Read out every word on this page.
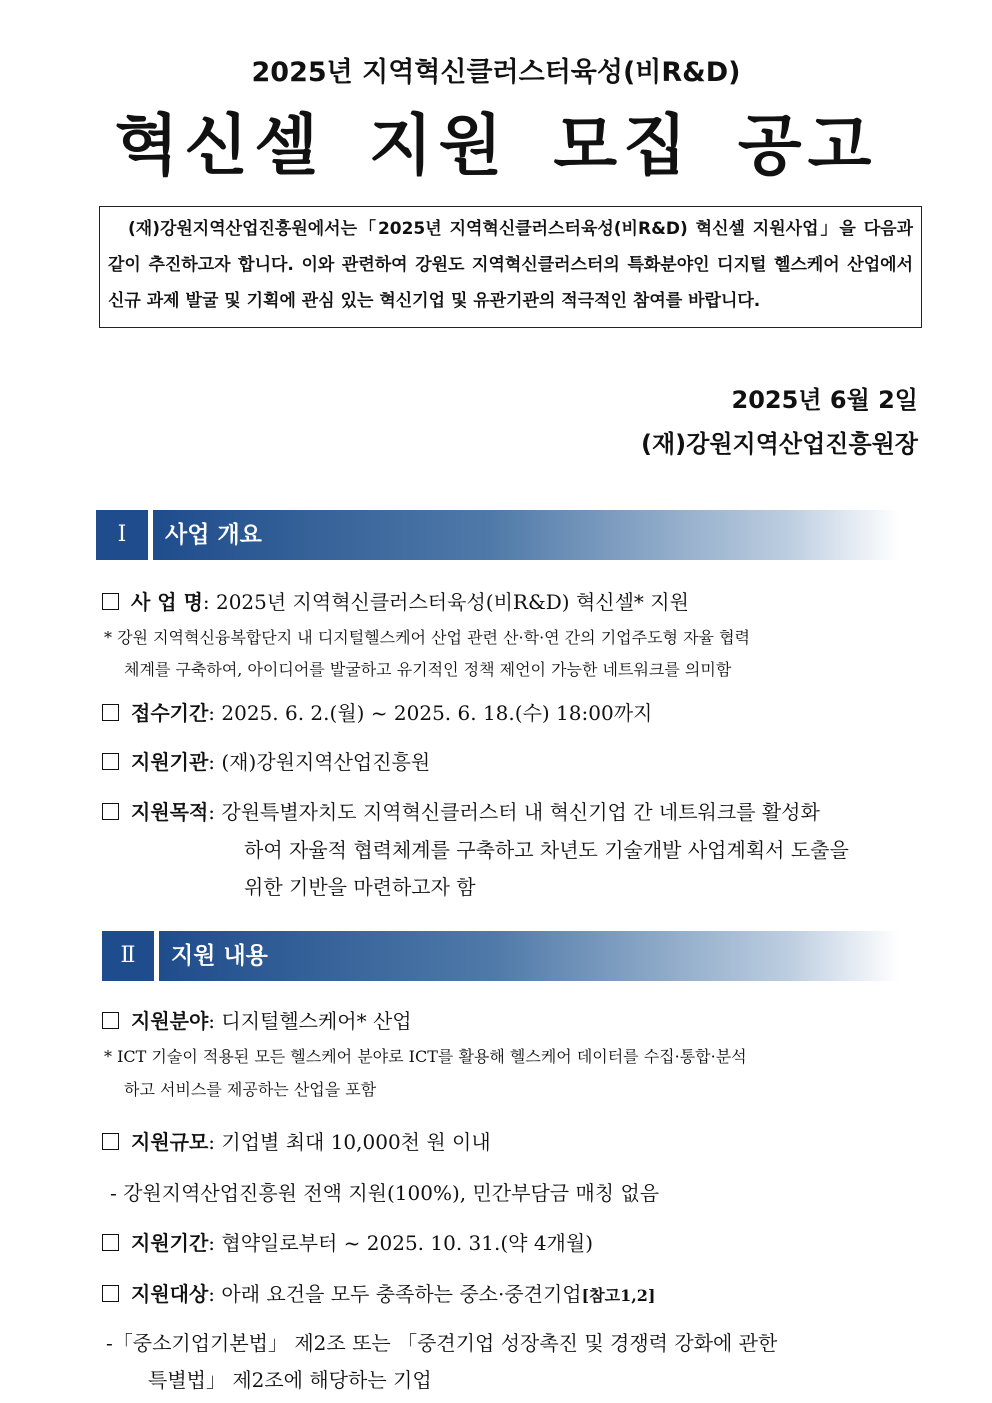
2025년 지역혁신클러스터육성(비R&D)
혁신셀 지원 모집 공고
(재)강원지역산업진흥원에서는「2025년 지역혁신클러스터육성(비R&D) 혁신셀 지원사업」을 다음과 같이 추진하고자 합니다. 이와 관련하여 강원도 지역혁신클러스터의 특화분야인 디지털 헬스케어 산업에서 신규 과제 발굴 및 기획에 관심 있는 혁신기업 및 유관기관의 적극적인 참여를 바랍니다.
2025년 6월 2일
(재)강원지역산업진흥원장
Ⅰ	사업 개요
사 업 명: 2025년 지역혁신클러스터육성(비R&D) 혁신셀* 지원
* 강원 지역혁신융복합단지 내 디지털헬스케어 산업 관련 산·학·연 간의 기업주도형 자율 협력
체계를 구축하여, 아이디어를 발굴하고 유기적인 정책 제언이 가능한 네트워크를 의미함
접수기간: 2025. 6. 2.(월) ~ 2025. 6. 18.(수) 18:00까지
지원기관: (재)강원지역산업진흥원
지원목적: 강원특별자치도 지역혁신클러스터 내 혁신기업 간 네트워크를 활성화
하여 자율적 협력체계를 구축하고 차년도 기술개발 사업계획서 도출을
위한 기반을 마련하고자 함
Ⅱ	지원 내용
지원분야: 디지털헬스케어* 산업
* ICT 기술이 적용된 모든 헬스케어 분야로 ICT를 활용해 헬스케어 데이터를 수집·통합·분석
하고 서비스를 제공하는 산업을 포함
지원규모: 기업별 최대 10,000천 원 이내
- 강원지역산업진흥원 전액 지원(100%), 민간부담금 매칭 없음
지원기간: 협약일로부터 ~ 2025. 10. 31.(약 4개월)
지원대상: 아래 요건을 모두 충족하는 중소·중견기업[참고1,2]
-「중소기업기본법」 제2조 또는 「중견기업 성장촉진 및 경쟁력 강화에 관한
특별법」 제2조에 해당하는 기업
